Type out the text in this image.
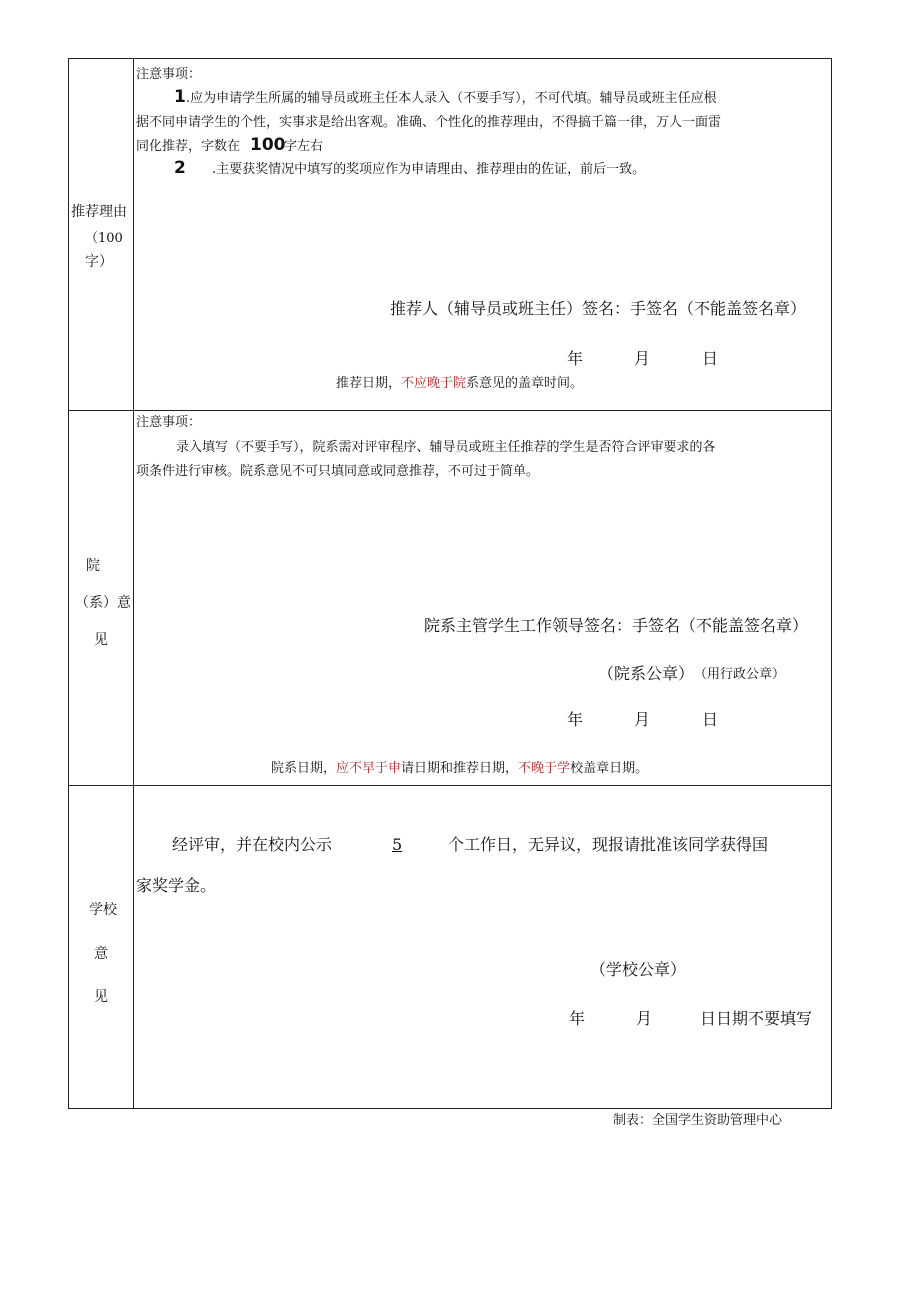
推荐理由
（100
字）
注意事项：
1 .应为申请学生所属的辅导员或班主任本人录入（不要手写），不可代填。辅导员或班主任应根
据不同申请学生的个性，实事求是给出客观。准确、个性化的推荐理由，不得搞千篇一律，万人一面雷
同化推荐，字数在 100
字左右
2 .主要获奖情况中填写的奖项应作为申请理由、推荐理由的佐证，前后一致。
推荐人（辅导员或班主任）签名：手签名（不能盖签名章）
年	月	日
推荐日期，不应晚于院系意见的盖章时间。
院
（系）意
见
注意事项：
录入填写（不要手写），院系需对评审程序、辅导员或班主任推荐的学生是否符合评审要求的各
项条件进行审核。院系意见不可只填同意或同意推荐，不可过于简单。
院系主管学生工作领导签名：手签名（不能盖签名章）
（院系公章） （用行政公章）
年	月	日
院系日期，应不早于申请日期和推荐日期，不晚于学校盖章日期。
学校
意
见
经评审，并在校内公示	5	个工作日，无异议，现报请批准该同学获得国
家奖学金。
（学校公章）
年	月	日日期不要填写
制表：全国学生资助管理中心
